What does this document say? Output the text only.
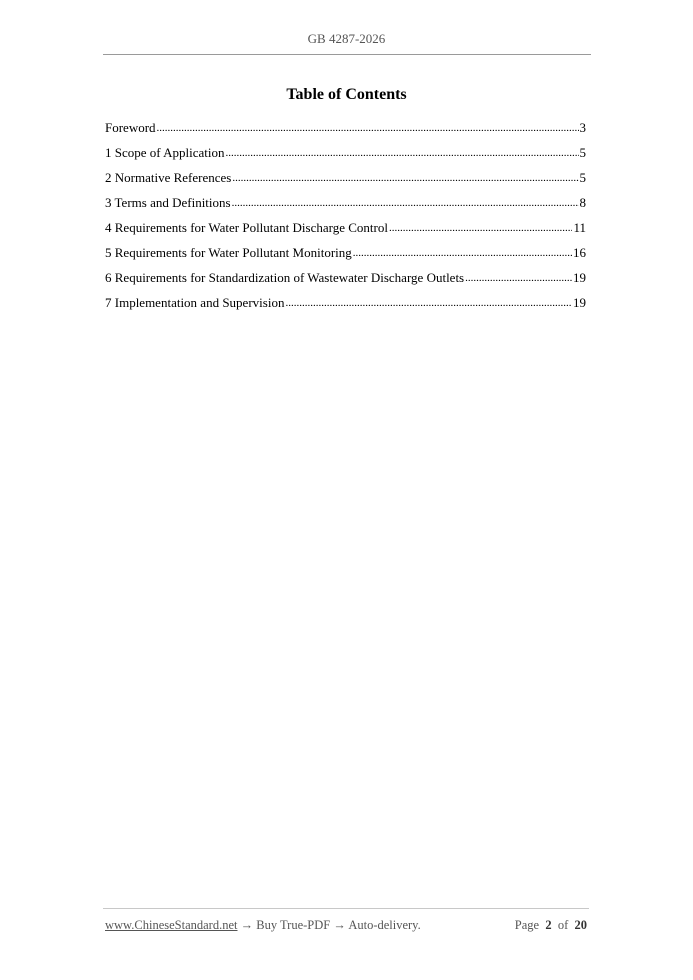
GB 4287-2026
Table of Contents
Foreword .....	3
1 Scope of Application .....	5
2 Normative References .....	5
3 Terms and Definitions .....	8
4 Requirements for Water Pollutant Discharge Control .....	11
5 Requirements for Water Pollutant Monitoring .....	16
6 Requirements for Standardization of Wastewater Discharge Outlets .....	19
7 Implementation and Supervision .....	19
www.ChineseStandard.net → Buy True-PDF → Auto-delivery.	Page 2 of 20
